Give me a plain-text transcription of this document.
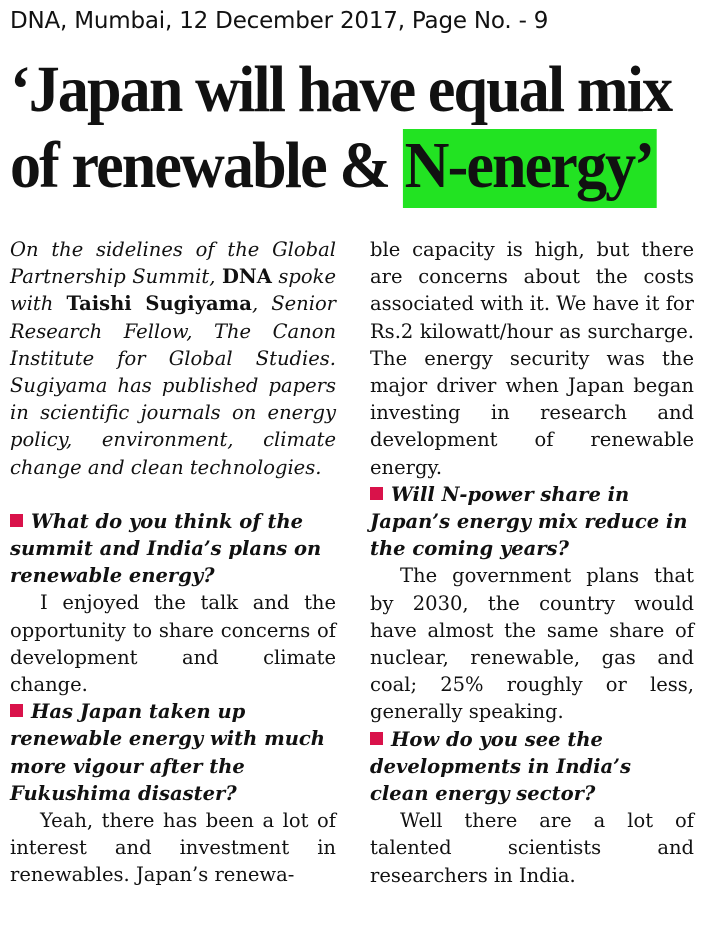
DNA, Mumbai, 12 December 2017, Page No. - 9
‘Japan will have equal mix
of renewable & N-energy’

On the sidelines of the Global Partnership Summit, DNA spoke with Taishi Sugiyama, Senior Research Fellow, The Canon Institute for Global Studies. Sugiyama has published papers in scientific journals on energy policy, environment, climate change and clean technologies.

What do you think of the summit and India’s plans on renewable energy?

I enjoyed the talk and the opportunity to share concerns of development and climate change.

Has Japan taken up renewable energy with much more vigour after the Fukushima disaster?

Yeah, there has been a lot of interest and investment in renewables. Japan’s renewa-

ble capacity is high, but there are concerns about the costs associated with it. We have it for Rs.2 kilowatt/hour as surcharge. The energy security was the major driver when Japan began investing in research and development of renewable energy.

Will N-power share in Japan’s energy mix reduce in the coming years?

The government plans that by 2030, the country would have almost the same share of nuclear, renewable, gas and coal; 25% roughly or less, generally speaking.

How do you see the developments in India’s clean energy sector?

Well there are a lot of talented scientists and researchers in India.
